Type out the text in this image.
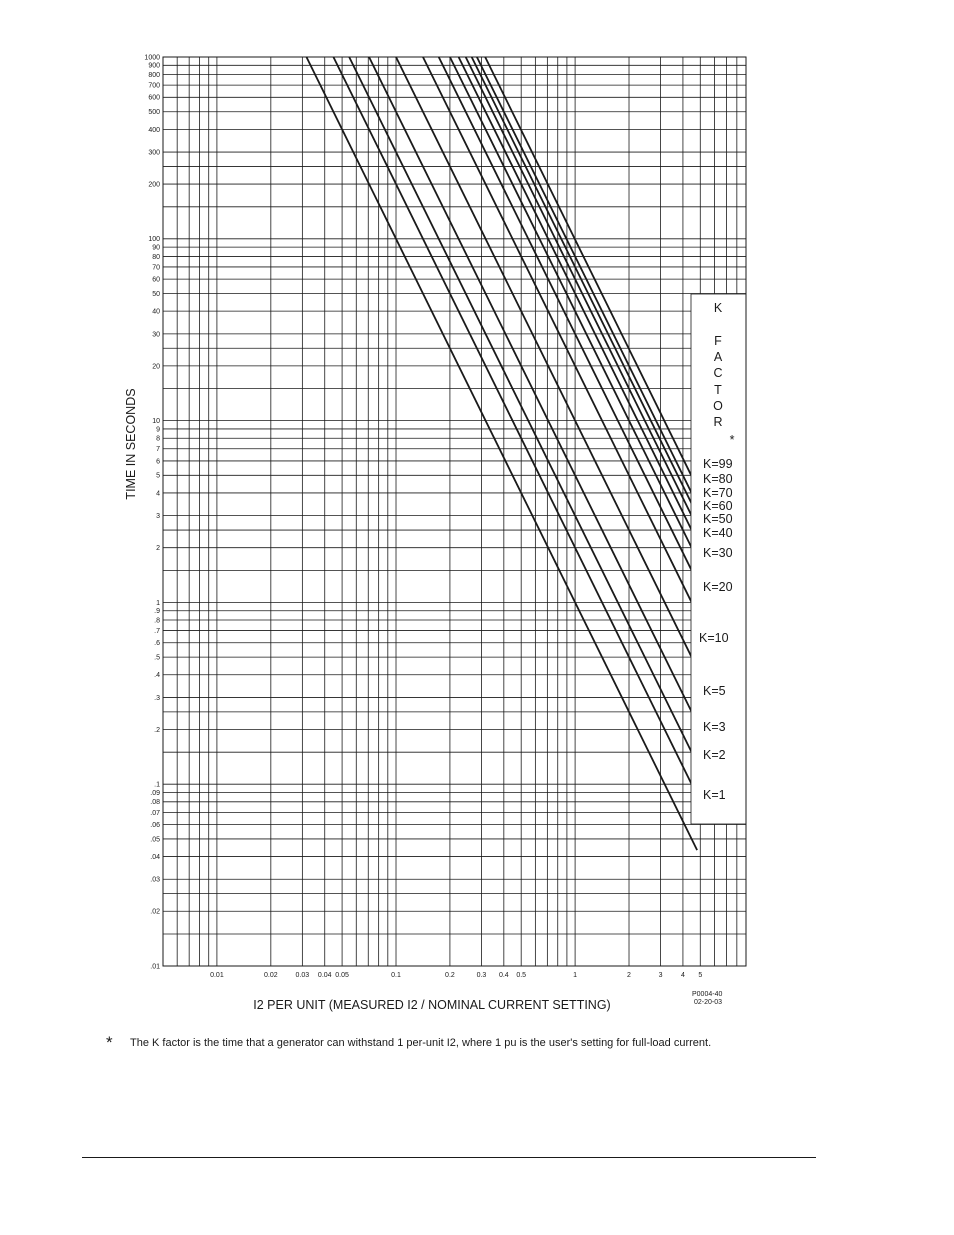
K
F
A
C
T
O
R
*
K=99
K=80
K=70
K=60
K=50
K=40
K=30
K=20
K=10
K=5
K=3
K=2
K=1
.01
.02
.03
.04
.05
.06
.07
.08
.09
.1
.2
.3
.4
.5
.6
.7
.8
.9
1
2
3
4
5
6
7
8
9
10
20
30
40
50
60
70
80
90
100
200
300
400
500
600
700
800
900
1000
0.01	0.02	0.03 0.04 0.05	0.1	0.2	0.3 0.4 0.5	1	2	3	4 5
TIME IN SECONDS
I2 PER UNIT (MEASURED I2 / NOMINAL CURRENT SETTING)
P0004-40
02-20-03
*	The K factor is the time that a generator can withstand 1 per-unit I2, where 1 pu is the user's setting for full-load current.
